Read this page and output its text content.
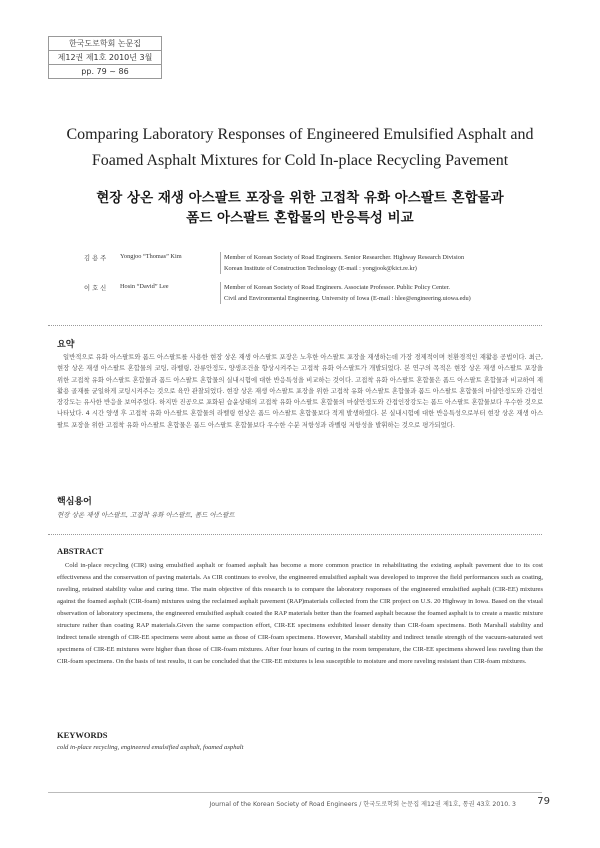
한국도로학회 논문집
제12권 제1호 2010년 3월
pp. 79 ~ 86
Comparing Laboratory Responses of Engineered Emulsified Asphalt and
Foamed Asphalt Mixtures for Cold In-place Recycling Pavement
현장 상온 재생 아스팔트 포장을 위한 고접착 유화 아스팔트 혼합물과
폼드 아스팔트 혼합물의 반응특성 비교
김 용 주	Yongjoo “Thomas” Kim	Member of Korean Society of Road Engineers. Senior Researcher. Highway Research Division
Korean Institute of Construction Technology (E-mail : yongjook@kict.re.kr)
이 호 신	Hosin “David” Lee	Member of Korean Society of Road Engineers. Associate Professor. Public Policy Center.
Civil and Environmental Engineering. University of Iowa (E-mail : hlee@engineering.uiowa.edu)
요약
일반적으로 유화 아스팔트와 폼드 아스팔트를 사용한 현장 상온 재생 아스팔트 포장은 노후한 아스팔트 포장을 재생하는데 가장 경제적이며 친환경적인 재활용 공법이다. 최근, 현장 상온 재생 아스팔트 혼합물의 코팅, 라벨링, 잔류안정도, 양생조건을 향상시켜주는 고접착 유화 아스팔트가 개발되었다. 본 연구의 목적은 현장 상온 재생 아스팔트 포장을 위한 고접착 유화 아스팔트 혼합물과 폼드 아스팔트 혼합물의 실내시험에 대한 반응특성을 비교하는 것이다. 고접착 유화 아스팔트 혼합물은 폼드 아스팔트 혼합물과 비교하여 재활용 골재를 균일하게 코팅시켜주는 것으로 육안 관찰되었다. 현장 상온 재생 아스팔트 포장을 위한 고접착 유화 아스팔트 혼합물과 폼드 아스팔트 혼합물의 마샬안정도와 간접인장강도는 유사한 반응을 보여주었다. 하지만 진공으로 포화된 습윤상태의 고접착 유화 아스팔트 혼합물의 마샬안정도와 간접인장강도는 폼드 아스팔트 혼합물보다 우수한 것으로 나타났다. 4 시간 양생 후 고접착 유화 아스팔트 혼합물의 라벨링 현상은 폼드 아스팔트 혼합물보다 적게 발생하였다. 본 실내시험에 대한 반응특성으로부터 현장 상온 재생 아스팔트 포장을 위한 고접착 유화 아스팔트 혼합물은 폼드 아스팔트 혼합물보다 우수한 수분 저항성과 라벨링 저항성을 발휘하는 것으로 평가되었다.
핵심용어
현장 상온 재생 아스팔트, 고접착 유화 아스팔트, 폼드 아스팔트
ABSTRACT
Cold in-place recycling (CIR) using emulsified asphalt or foamed asphalt has become a more common practice in rehabilitating the existing asphalt pavement due to its cost effectiveness and the conservation of paving materials. As CIR continues to evolve, the engineered emulsified asphalt was developed to improve the field performances such as coating, raveling, retained stability value and curing time. The main objective of this research is to compare the laboratory responses of the engineered emulsified asphalt (CIR-EE) mixtures against the foamed asphalt (CIR-foam) mixtures using the reclaimed asphalt pavement (RAP)materials collected from the CIR project on U.S. 20 Highway in Iowa. Based on the visual observation of laboratory specimens, the engineered emulsified asphalt coated the RAP materials better than the foamed asphalt because the foamed asphalt is to create a mastic mixture structure rather than coating RAP materials.Given the same compaction effort, CIR-EE specimens exhibited lesser density than CIR-foam specimens. Both Marshall stability and indirect tensile strength of CIR-EE specimens were about same as those of CIR-foam specimens. However, Marshall stability and indirect tensile strength of the vacuum-saturated wet specimens of CIR-EE mixtures were higher than those of CIR-foam mixtures. After four hours of curing in the room temperature, the CIR-EE specimens showed less raveling than the CIR-foam specimens. On the basis of test results, it can be concluded that the CIR-EE mixtures is less susceptible to moisture and more raveling resistant than CIR-foam mixtures.
KEYWORDS
cold in-place recycling, engineered emulsified asphalt, foamed asphalt
Journal of the Korean Society of Road Engineers / 한국도로학회 논문집 제12권 제1호, 통권 43호 2010. 3 79
